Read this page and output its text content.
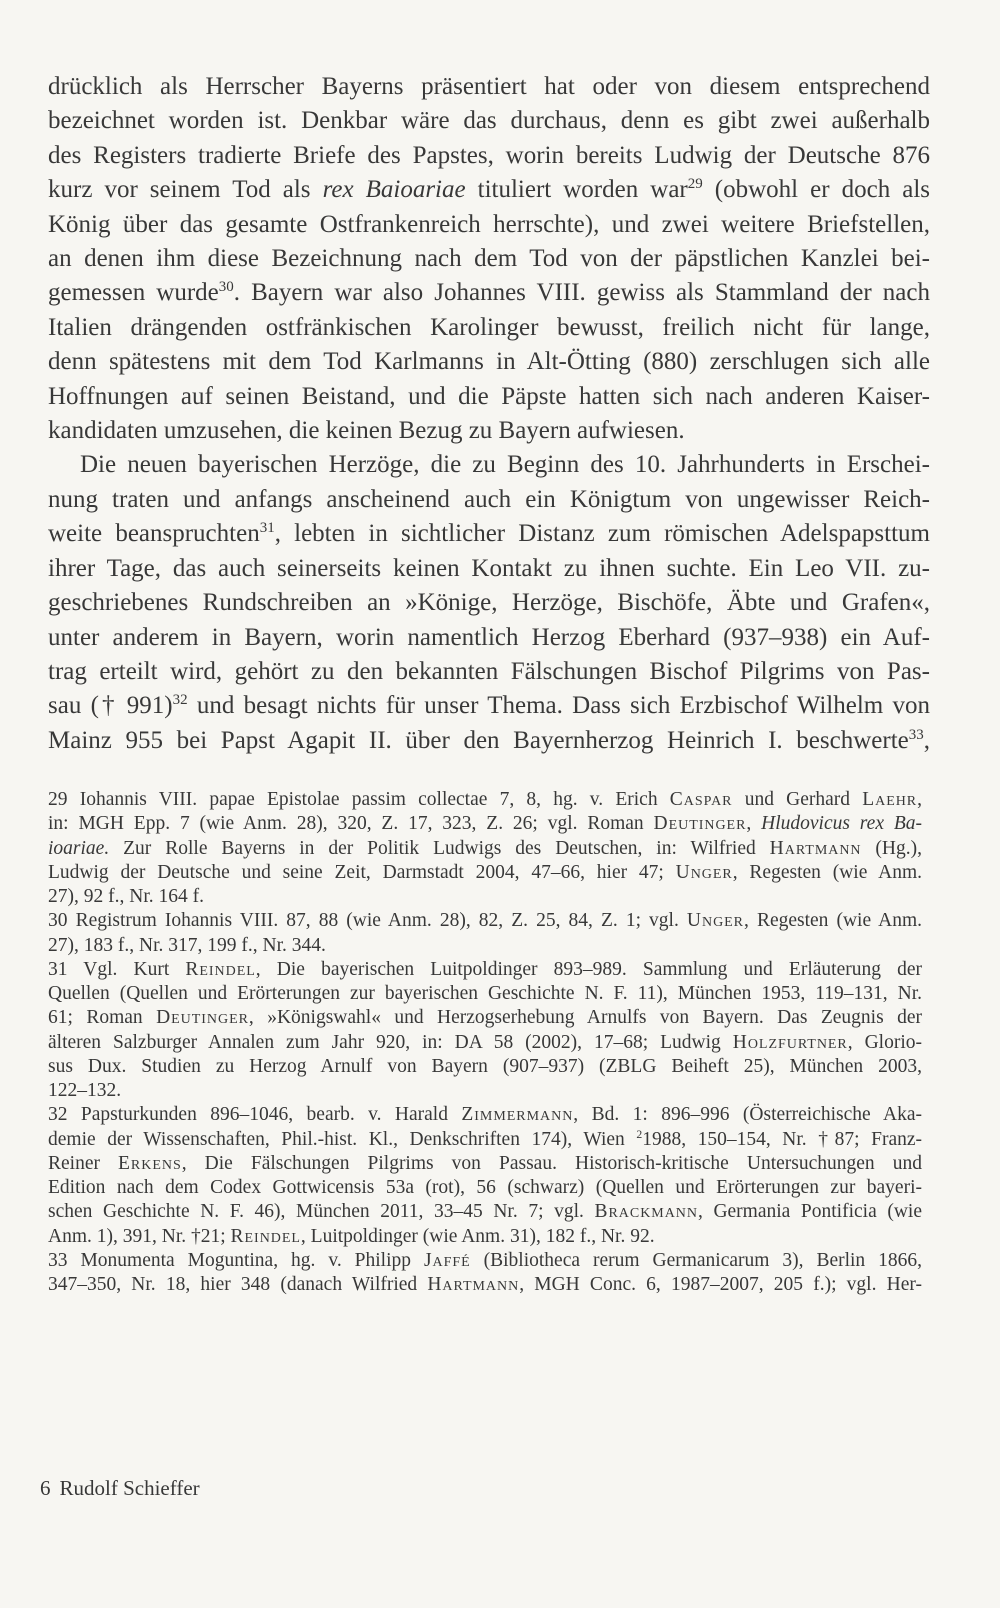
drücklich als Herrscher Bayerns präsentiert hat oder von diesem entsprechend
bezeichnet worden ist. Denkbar wäre das durchaus, denn es gibt zwei außerhalb
des Registers tradierte Briefe des Papstes, worin bereits Ludwig der Deutsche 876
kurz vor seinem Tod als rex Baioariae tituliert worden war$^{29}$ (obwohl er doch als
König über das gesamte Ostfrankenreich herrschte), und zwei weitere Briefstellen,
an denen ihm diese Bezeichnung nach dem Tod von der päpstlichen Kanzlei bei-
gemessen wurde$^{30}$. Bayern war also Johannes VIII. gewiss als Stammland der nach
Italien drängenden ostfränkischen Karolinger bewusst, freilich nicht für lange,
denn spätestens mit dem Tod Karlmanns in Alt-Ötting (880) zerschlugen sich alle
Hoffnungen auf seinen Beistand, und die Päpste hatten sich nach anderen Kaiser-
kandidaten umzusehen, die keinen Bezug zu Bayern aufwiesen.
Die neuen bayerischen Herzöge, die zu Beginn des 10. Jahrhunderts in Erschei-
nung traten und anfangs anscheinend auch ein Königtum von ungewisser Reich-
weite beanspruchten$^{31}$, lebten in sichtlicher Distanz zum römischen Adelspapsttum
ihrer Tage, das auch seinerseits keinen Kontakt zu ihnen suchte. Ein Leo VII. zu-
geschriebenes Rundschreiben an »Könige, Herzöge, Bischöfe, Äbte und Grafen«,
unter anderem in Bayern, worin namentlich Herzog Eberhard (937–938) ein Auf-
trag erteilt wird, gehört zu den bekannten Fälschungen Bischof Pilgrims von Pas-
sau († 991)$^{32}$ und besagt nichts für unser Thema. Dass sich Erzbischof Wilhelm von
Mainz 955 bei Papst Agapit II. über den Bayernherzog Heinrich I. beschwerte$^{33}$,
29 Iohannis VIII. papae Epistolae passim collectae 7, 8, hg. v. Erich Caspar und Gerhard Laehr,
in: MGH Epp. 7 (wie Anm. 28), 320, Z. 17, 323, Z. 26; vgl. Roman Deutinger, Hludovicus rex Ba-
ioariae. Zur Rolle Bayerns in der Politik Ludwigs des Deutschen, in: Wilfried Hartmann (Hg.),
Ludwig der Deutsche und seine Zeit, Darmstadt 2004, 47–66, hier 47; Unger, Regesten (wie Anm.
27), 92 f., Nr. 164 f.
30 Registrum Iohannis VIII. 87, 88 (wie Anm. 28), 82, Z. 25, 84, Z. 1; vgl. Unger, Regesten (wie Anm.
27), 183 f., Nr. 317, 199 f., Nr. 344.
31 Vgl. Kurt Reindel, Die bayerischen Luitpoldinger 893–989. Sammlung und Erläuterung der
Quellen (Quellen und Erörterungen zur bayerischen Geschichte N. F. 11), München 1953, 119–131, Nr.
61; Roman Deutinger, »Königswahl« und Herzogserhebung Arnulfs von Bayern. Das Zeugnis der
älteren Salzburger Annalen zum Jahr 920, in: DA 58 (2002), 17–68; Ludwig Holzfurtner, Glorio-
sus Dux. Studien zu Herzog Arnulf von Bayern (907–937) (ZBLG Beiheft 25), München 2003,
122–132.
32 Papsturkunden 896–1046, bearb. v. Harald Zimmermann, Bd. 1: 896–996 (Österreichische Aka-
demie der Wissenschaften, Phil.-hist. Kl., Denkschriften 174), Wien $^2$1988, 150–154, Nr. †87; Franz-
Reiner Erkens, Die Fälschungen Pilgrims von Passau. Historisch-kritische Untersuchungen und
Edition nach dem Codex Gottwicensis 53a (rot), 56 (schwarz) (Quellen und Erörterungen zur bayeri-
schen Geschichte N. F. 46), München 2011, 33–45 Nr. 7; vgl. Brackmann, Germania Pontificia (wie
Anm. 1), 391, Nr. †21; Reindel, Luitpoldinger (wie Anm. 31), 182 f., Nr. 92.
33 Monumenta Moguntina, hg. v. Philipp Jaffé (Bibliotheca rerum Germanicarum 3), Berlin 1866,
347–350, Nr. 18, hier 348 (danach Wilfried Hartmann, MGH Conc. 6, 1987–2007, 205 f.); vgl. Her-
6 Rudolf Schieffer
